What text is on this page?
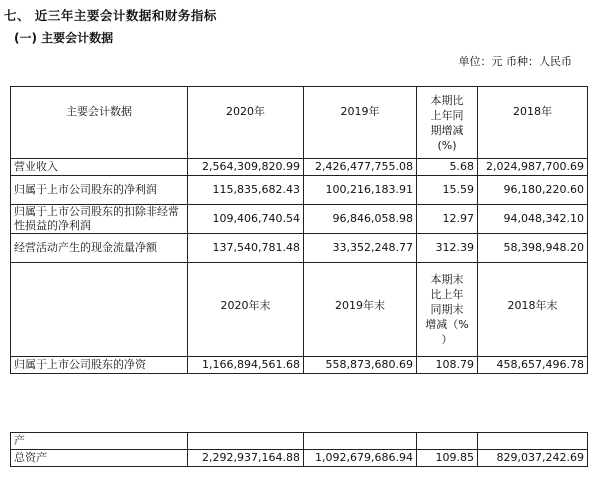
七、 近三年主要会计数据和财务指标
(一) 主要会计数据
单位：元 币种：人民币
主要会计数据	2020年	2019年	本期比
上年同
期增减
(%)	2018年
营业收入	2,564,309,820.99	2,426,477,755.08	5.68	2,024,987,700.69
归属于上市公司股东的净利润	115,835,682.43	100,216,183.91	15.59	96,180,220.60
归属于上市公司股东的扣除非经常性损益的净利润	109,406,740.54	96,846,058.98	12.97	94,048,342.10
经营活动产生的现金流量净额	137,540,781.48	33,352,248.77	312.39	58,398,948.20
	2020年末	2019年末	本期末
比上年
同期末
增减（%
）	2018年末
归属于上市公司股东的净资	1,166,894,561.68	558,873,680.69	108.79	458,657,496.78
产				
总资产	2,292,937,164.88	1,092,679,686.94	109.85	829,037,242.69
